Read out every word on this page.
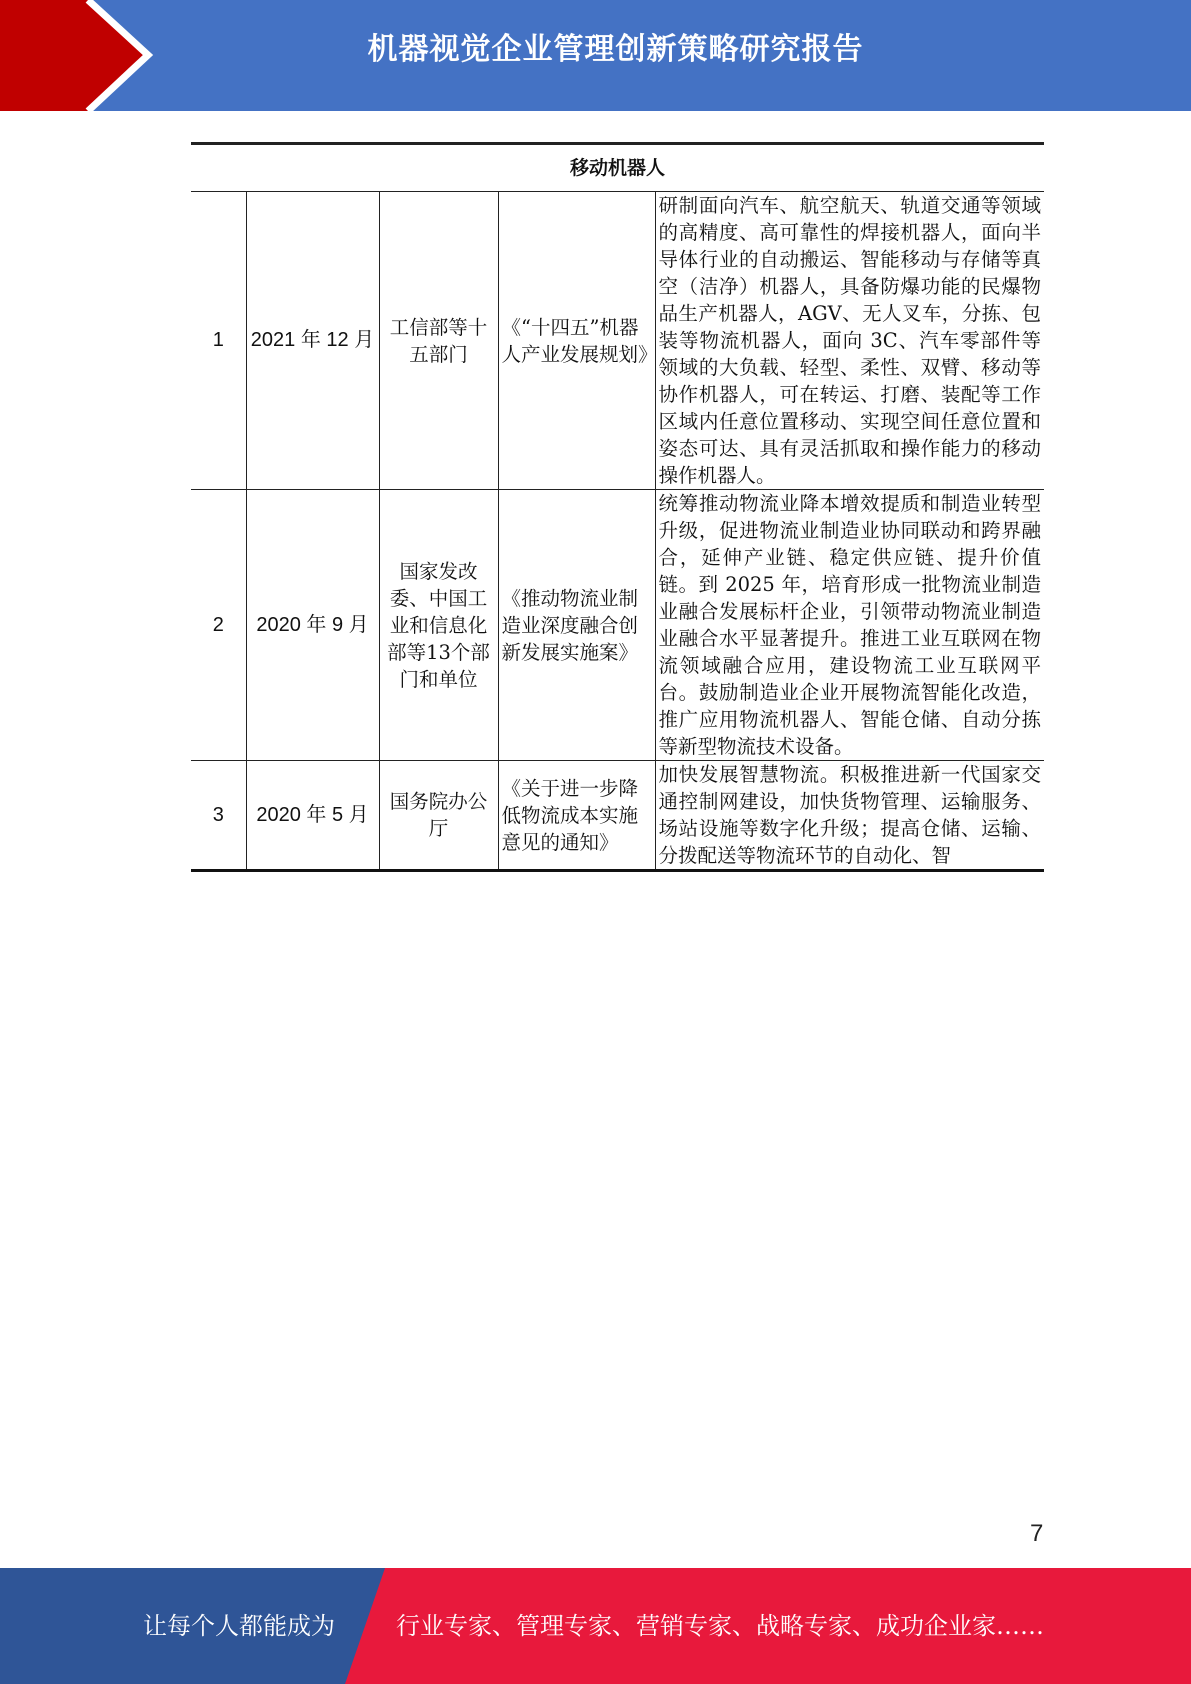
机器视觉企业管理创新策略研究报告

移动机器人				
1	2021 年 12 月	工信部等十五部门	《“十四五”机器人产业发展规划》	研制面向汽车、航空航天、轨道交通等领域的高精度、高可靠性的焊接机器人，面向半导体行业的自动搬运、智能移动与存储等真空（洁净）机器人，具备防爆功能的民爆物品生产机器人，AGV、无人叉车，分拣、包装等物流机器人，面向 3C、汽车零部件等领域的大负载、轻型、柔性、双臂、移动等协作机器人，可在转运、打磨、装配等工作区域内任意位置移动、实现空间任意位置和姿态可达、具有灵活抓取和操作能力的移动操作机器人。
2	2020 年 9 月	国家发改委、中国工业和信息化部等13个部门和单位	《推动物流业制造业深度融合创新发展实施案》	统筹推动物流业降本增效提质和制造业转型升级，促进物流业制造业协同联动和跨界融合，延伸产业链、稳定供应链、提升价值链。到 2025 年，培育形成一批物流业制造业融合发展标杆企业，引领带动物流业制造业融合水平显著提升。推进工业互联网在物流领域融合应用，建设物流工业互联网平台。鼓励制造业企业开展物流智能化改造，推广应用物流机器人、智能仓储、自动分拣等新型物流技术设备。
3	2020 年 5 月	国务院办公厅	《关于进一步降低物流成本实施意见的通知》	加快发展智慧物流。积极推进新一代国家交通控制网建设，加快货物管理、运输服务、场站设施等数字化升级；提高仓储、运输、分拨配送等物流环节的自动化、智
7
让每个人都能成为	行业专家、管理专家、营销专家、战略专家、成功企业家……
